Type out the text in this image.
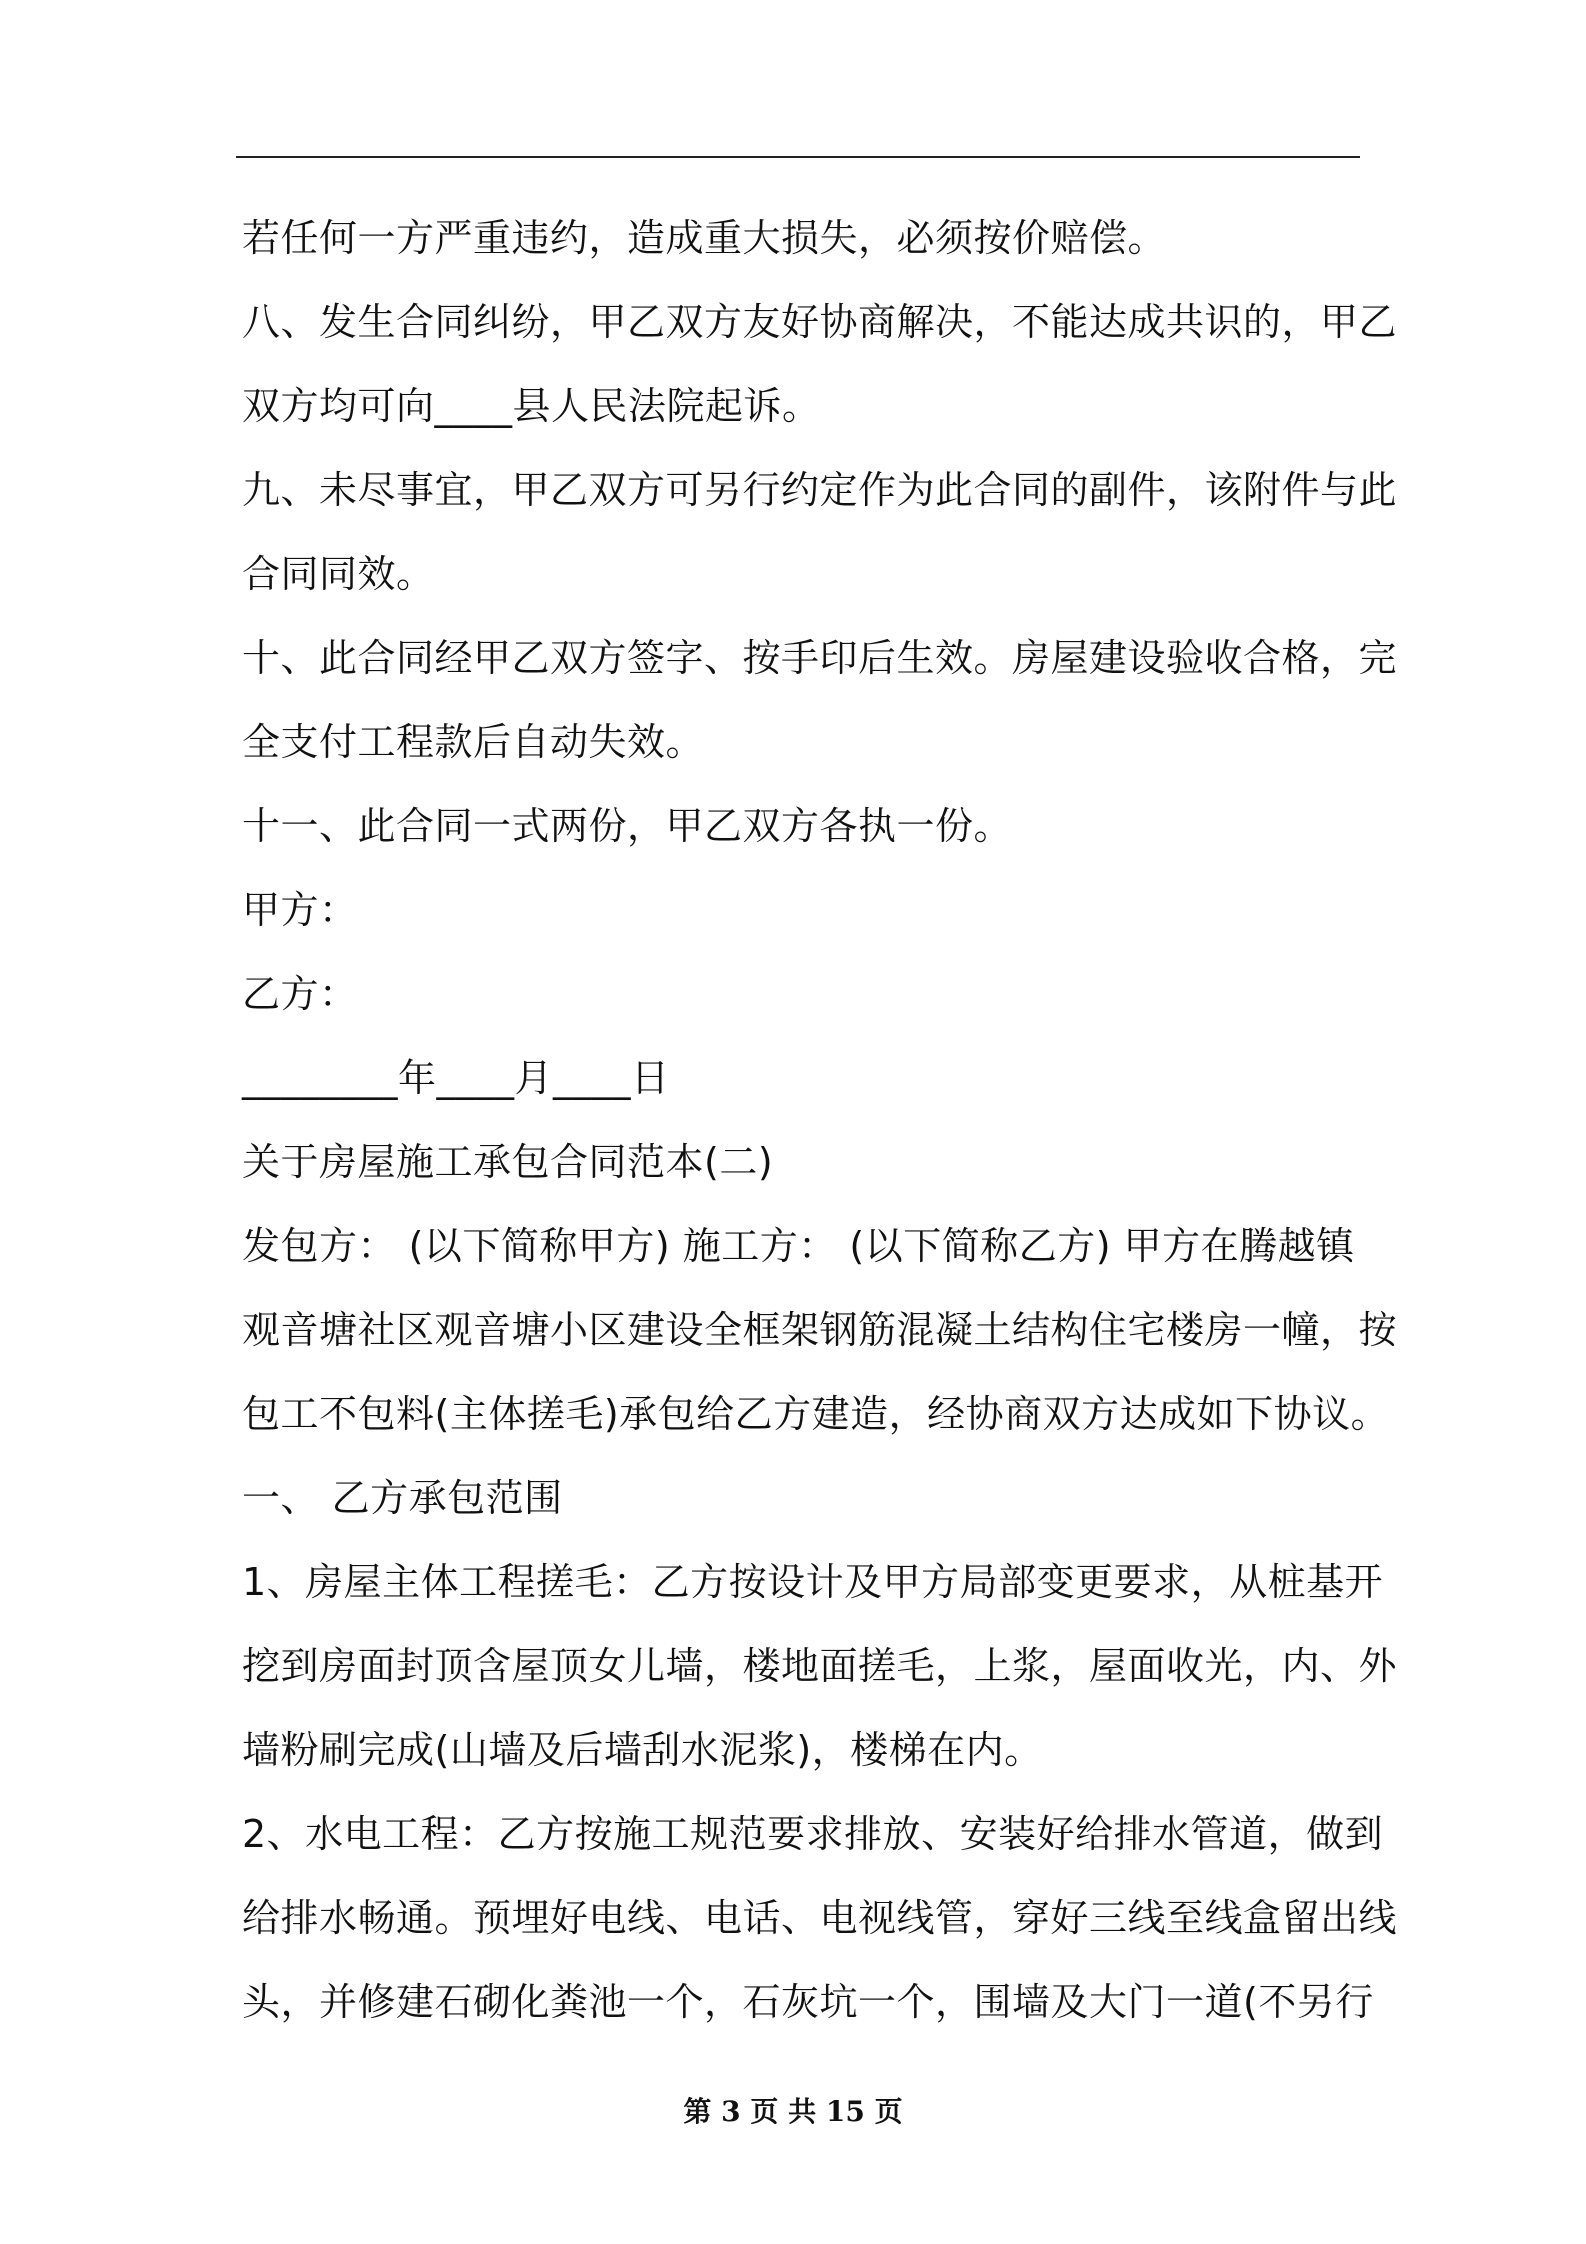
若任何一方严重违约，造成重大损失，必须按价赔偿。
八、发生合同纠纷，甲乙双方友好协商解决，不能达成共识的，甲乙
双方均可向____县人民法院起诉。
九、未尽事宜，甲乙双方可另行约定作为此合同的副件，该附件与此
合同同效。
十、此合同经甲乙双方签字、按手印后生效。房屋建设验收合格，完
全支付工程款后自动失效。
十一、此合同一式两份，甲乙双方各执一份。
甲方：
乙方：
________年____月____日
关于房屋施工承包合同范本(二)
发包方： (以下简称甲方) 施工方： (以下简称乙方) 甲方在腾越镇
观音塘社区观音塘小区建设全框架钢筋混凝土结构住宅楼房一幢，按
包工不包料(主体搓毛)承包给乙方建造，经协商双方达成如下协议。
一、 乙方承包范围
1、房屋主体工程搓毛：乙方按设计及甲方局部变更要求，从桩基开
挖到房面封顶含屋顶女儿墙，楼地面搓毛，上浆，屋面收光，内、外
墙粉刷完成(山墙及后墙刮水泥浆)，楼梯在内。
2、水电工程：乙方按施工规范要求排放、安装好给排水管道，做到
给排水畅通。预埋好电线、电话、电视线管，穿好三线至线盒留出线
头，并修建石砌化粪池一个，石灰坑一个，围墙及大门一道(不另行
第 3 页 共 15 页
